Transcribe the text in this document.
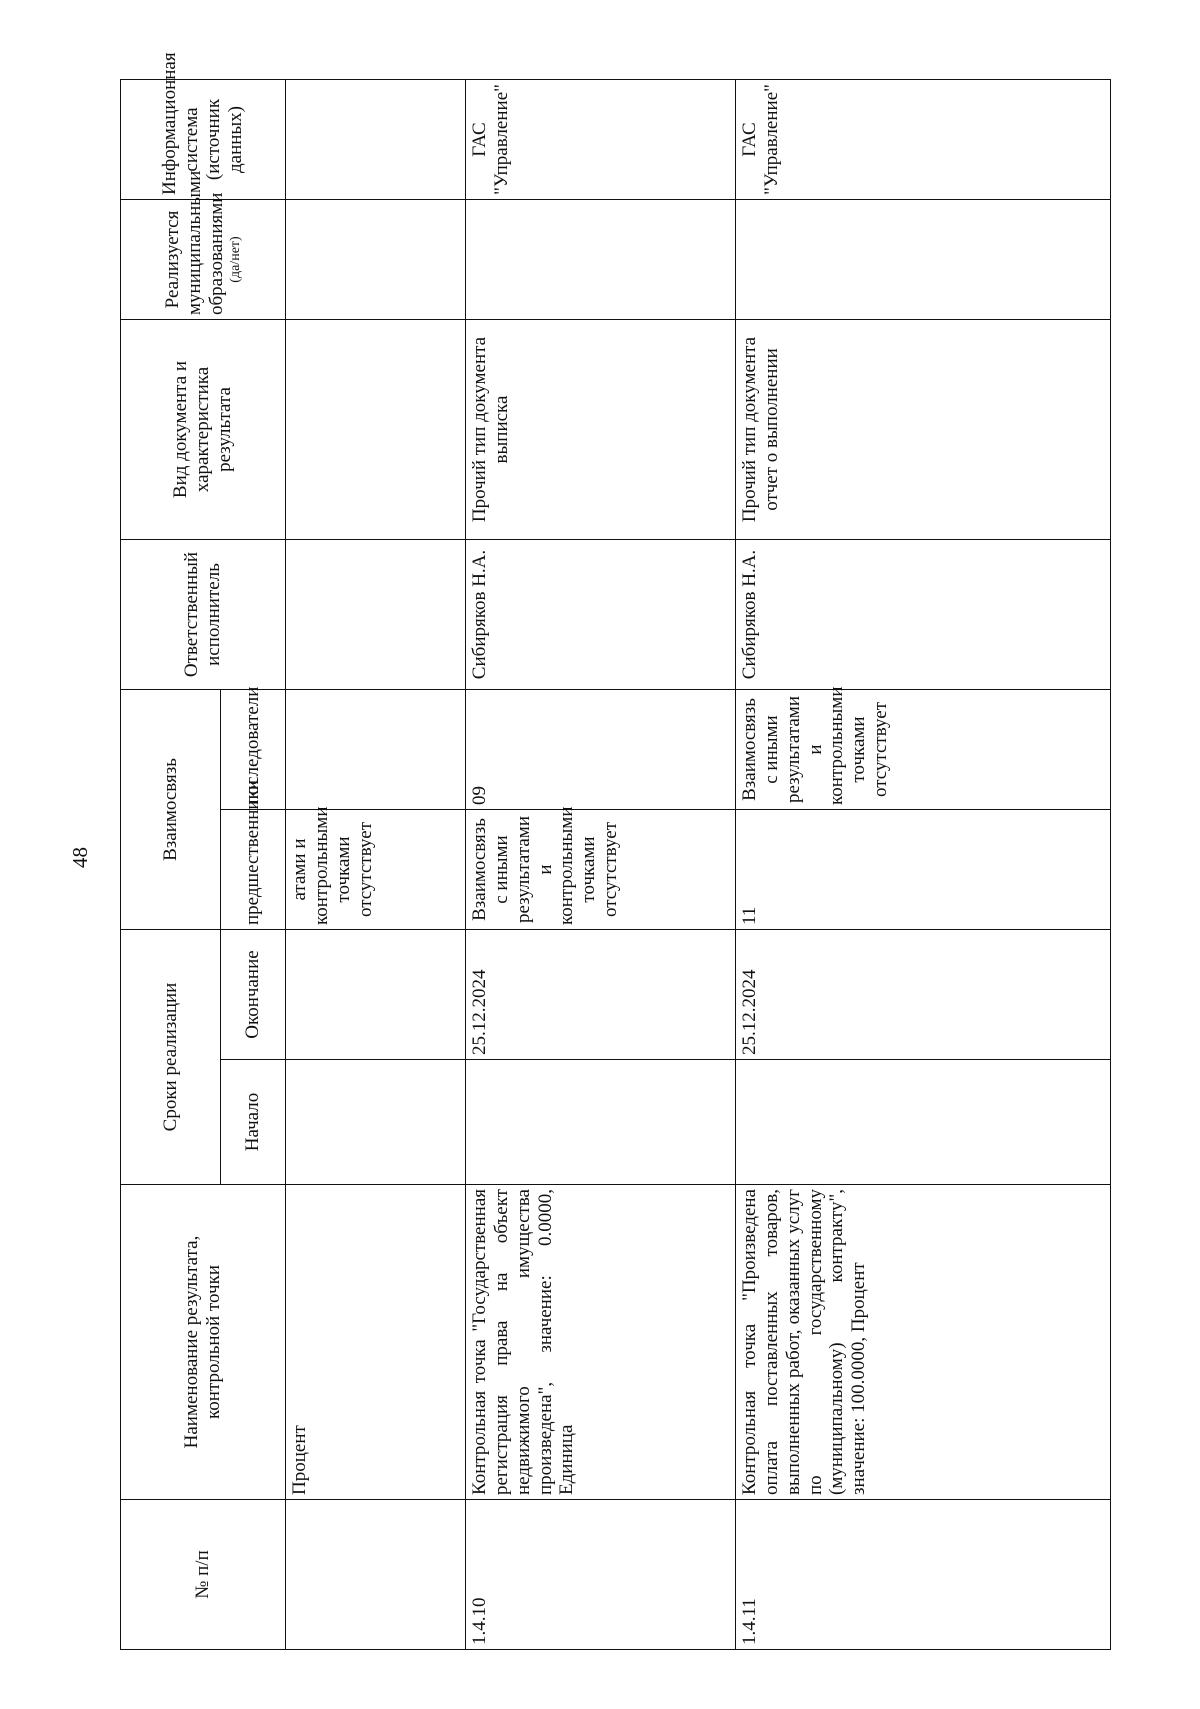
48
№ п/п	Наименование результата, контрольной точки	Сроки реализации		Взаимосвязь		Ответственный исполнитель	Вид документа и характеристика результата	Реализуется муниципальными образованиями (да/нет)	Информационная система (источник данных)
		Начало	Окончание	предшественники	последователи				
	Процент			атами и контрольными точками отсутствует					
1.4.10	Контрольная точка "Государственная регистрация права на объект недвижимого имущества произведена", значение: 0.0000, Единица		25.12.2024	Взаимосвязь с иными результатами и контрольными точками отсутствует	09	Сибиряков Н.А.	Прочий тип документа выписка		ГАС "Управление"
1.4.11	Контрольная точка "Произведена оплата поставленных товаров, выполненных работ, оказанных услуг по государственному (муниципальному) контракту", значение: 100.0000, Процент		25.12.2024	11	Взаимосвязь с иными результатами и контрольными точками отсутствует	Сибиряков Н.А.	Прочий тип документа отчет о выполнении		ГАС "Управление"
